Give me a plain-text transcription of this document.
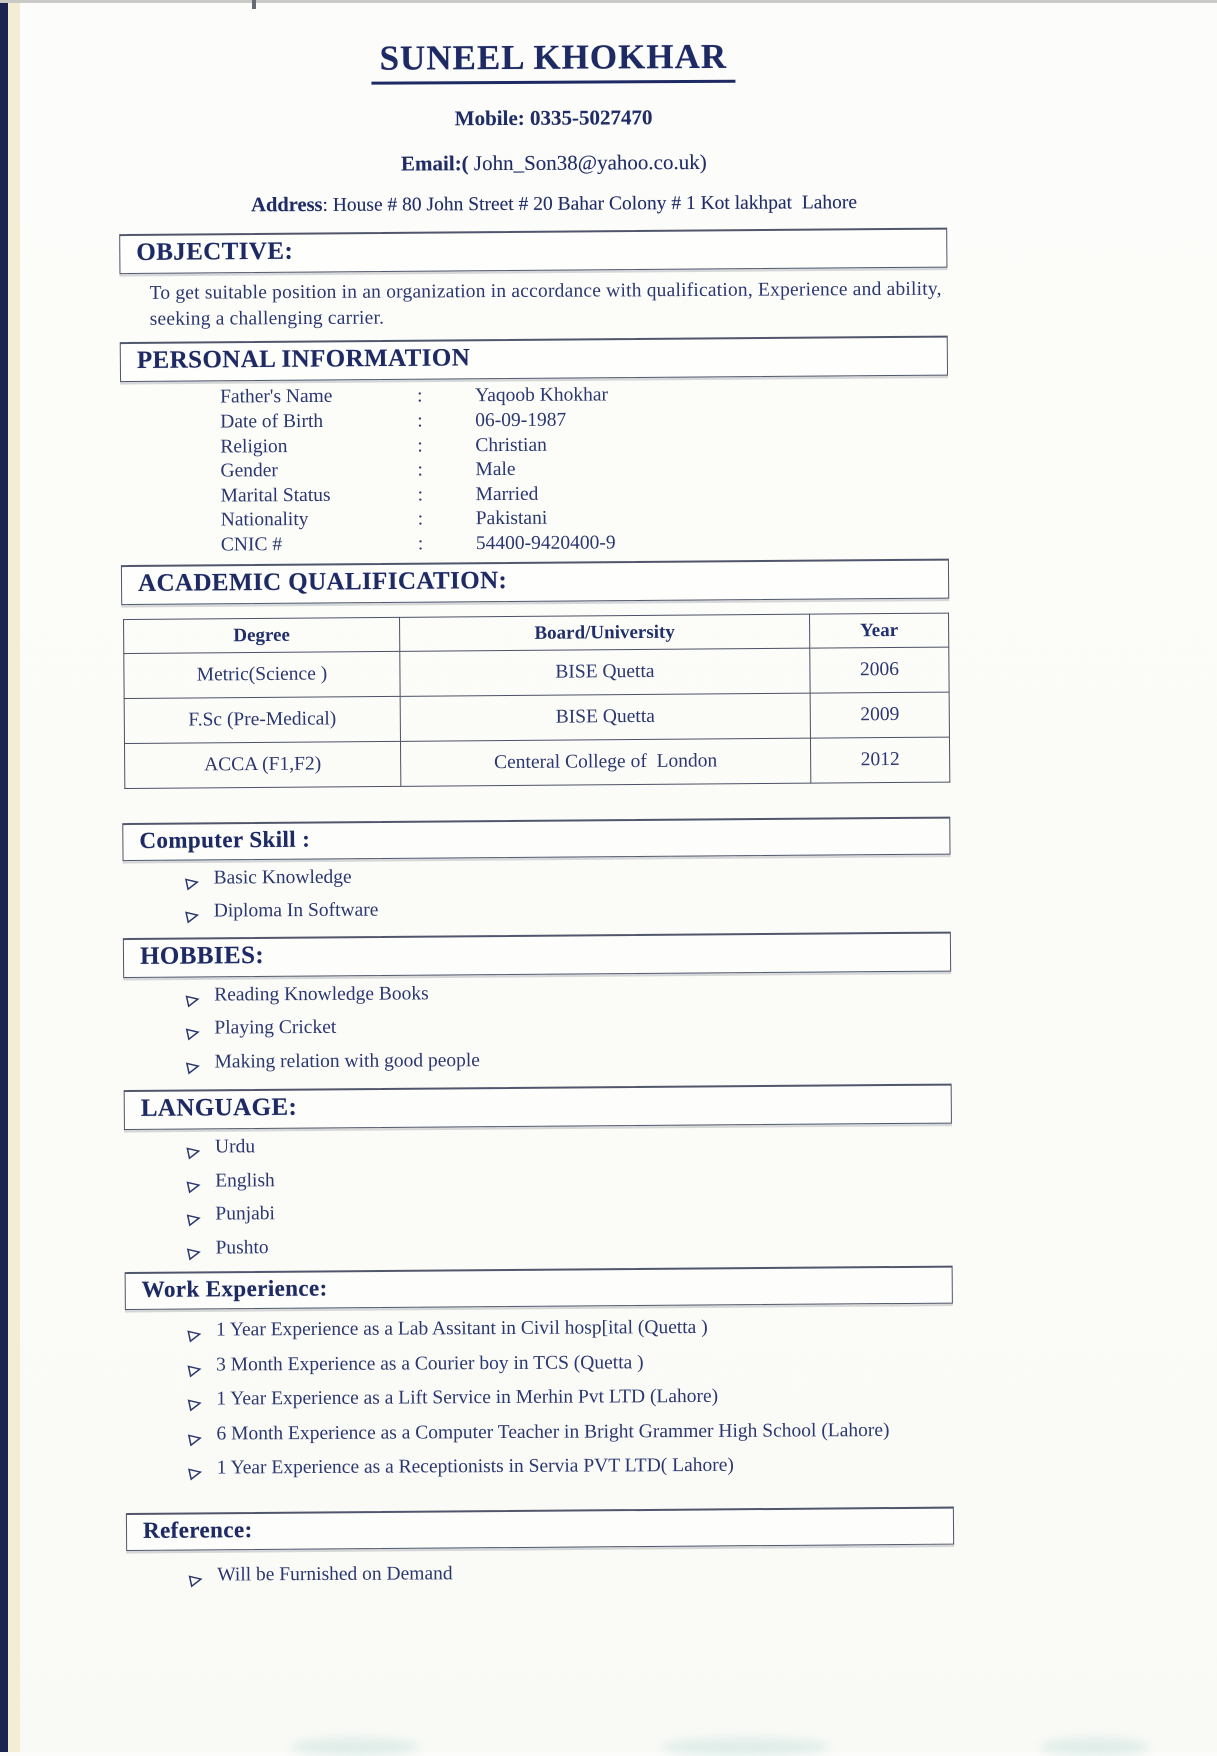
SUNEEL KHOKHAR
Mobile: 0335-5027470
Email:( John_Son38@yahoo.co.uk)
Address: House # 80 John Street # 20 Bahar Colony # 1 Kot lakhpat  Lahore
OBJECTIVE:

To get suitable position in an organization in accordance with qualification, Experience and ability, seeking a challenging carrier.

PERSONAL INFORMATION
Father's Name	:	Yaqoob Khokhar
Date of Birth	:	06-09-1987
Religion	:	Christian
Gender	:	Male
Marital Status	:	Married
Nationality	:	Pakistani
CNIC #	:	54400-9420400-9
ACADEMIC QUALIFICATION:
Degree	Board/University	Year
Metric(Science )	BISE Quetta	2006
F.Sc (Pre-Medical)	BISE Quetta	2009
ACCA (F1,F2)	Centeral College of  London	2012
Computer Skill :
Basic Knowledge
Diploma In Software
HOBBIES:
Reading Knowledge Books
Playing Cricket
Making relation with good people
LANGUAGE:
Urdu
English
Punjabi
Pushto
Work Experience:
1 Year Experience as a Lab Assitant in Civil hosp[ital (Quetta )
3 Month Experience as a Courier boy in TCS (Quetta )
1 Year Experience as a Lift Service in Merhin Pvt LTD (Lahore)
6 Month Experience as a Computer Teacher in Bright Grammer High School (Lahore)
1 Year Experience as a Receptionists in Servia PVT LTD( Lahore)
Reference:
Will be Furnished on Demand
